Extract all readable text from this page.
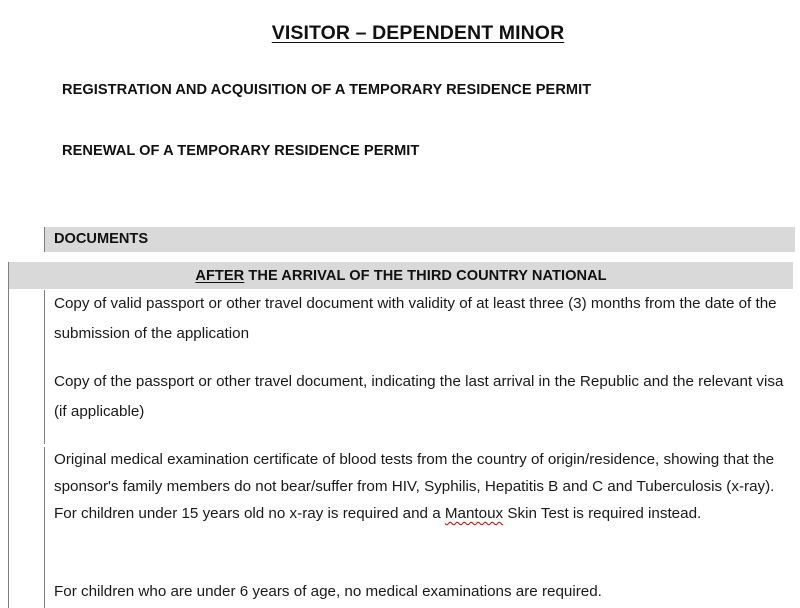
VISITOR – DEPENDENT MINOR
REGISTRATION AND ACQUISITION OF A TEMPORARY RESIDENCE PERMIT
RENEWAL OF A TEMPORARY RESIDENCE PERMIT
DOCUMENTS
AFTER THE ARRIVAL OF THE THIRD COUNTRY NATIONAL
Copy of valid passport or other travel document with validity of at least three (3) months from the date of the submission of the application
Copy of the passport or other travel document, indicating the last arrival in the Republic and the relevant visa (if applicable)
Original medical examination certificate of blood tests from the country of origin/residence, showing that the sponsor's family members do not bear/suffer from HIV, Syphilis, Hepatitis B and C and Tuberculosis (x-ray). For children under 15 years old no x-ray is required and a Mantoux Skin Test is required instead.
For children who are under 6 years of age, no medical examinations are required.
